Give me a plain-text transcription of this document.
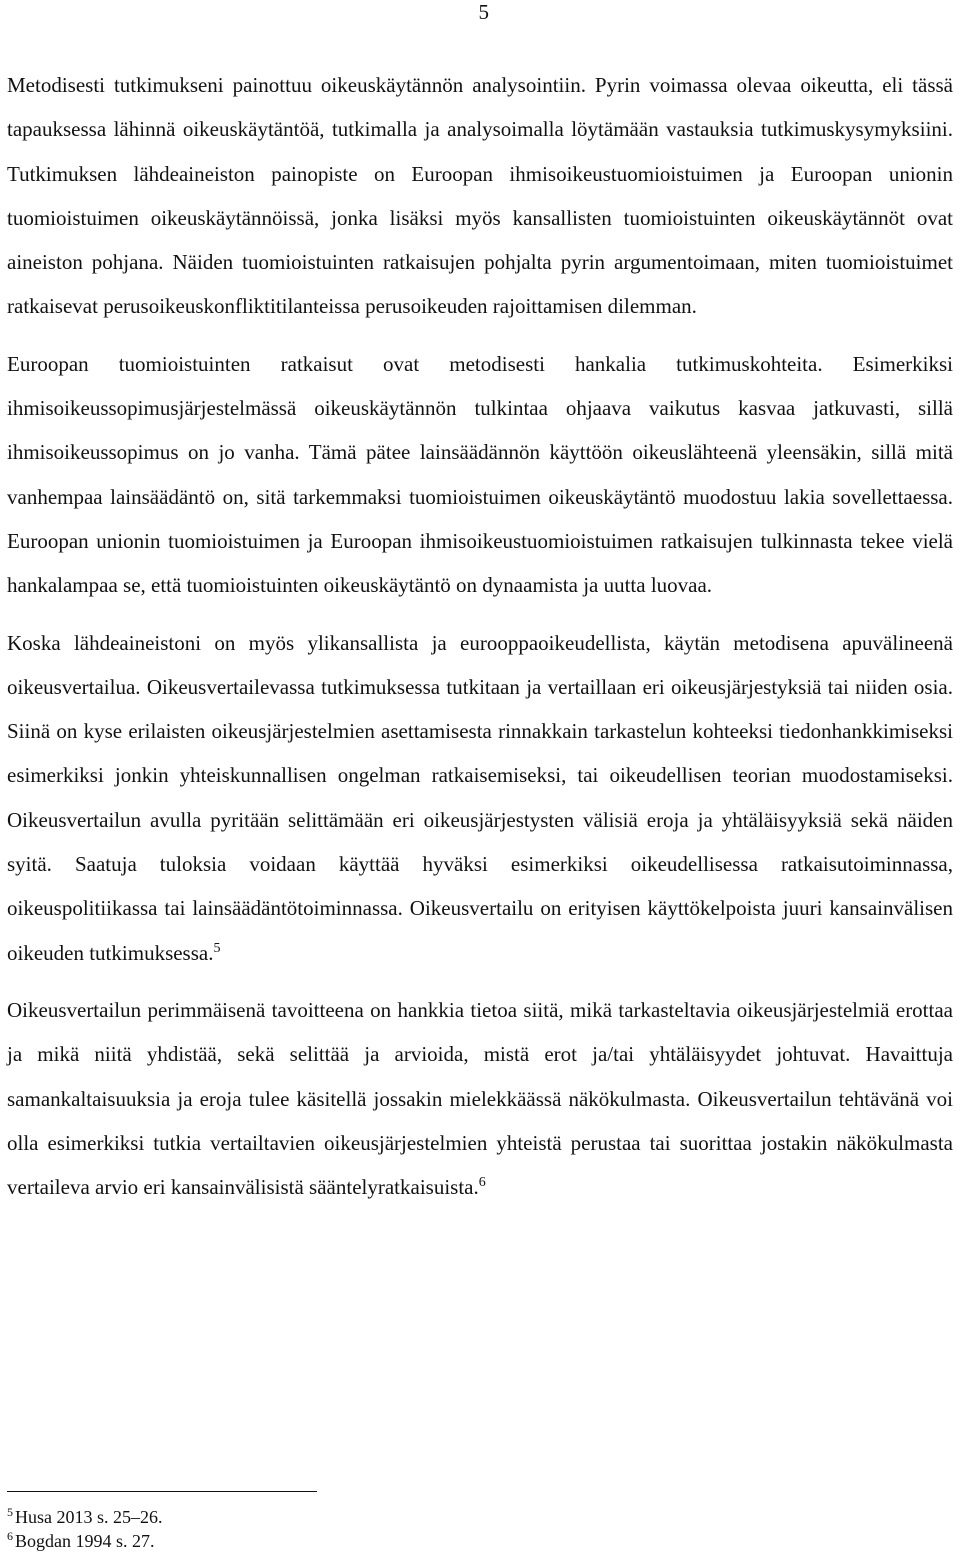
5

Metodisesti tutkimukseni painottuu oikeuskäytännön analysointiin. Pyrin voimassa olevaa oikeutta, eli tässä tapauksessa lähinnä oikeuskäytäntöä, tutkimalla ja analysoimalla löytämään vastauksia tutkimuskysymyksiini. Tutkimuksen lähdeaineiston painopiste on Euroopan ihmisoikeustuomioistuimen ja Euroopan unionin tuomioistuimen oikeuskäytännöissä, jonka lisäksi myös kansallisten tuomioistuinten oikeuskäytännöt ovat aineiston pohjana. Näiden tuomioistuinten ratkaisujen pohjalta pyrin argumentoimaan, miten tuomioistuimet ratkaisevat perusoikeuskonfliktitilanteissa perusoikeuden rajoittamisen dilemman.

Euroopan tuomioistuinten ratkaisut ovat metodisesti hankalia tutkimuskohteita. Esimerkiksi ihmisoikeussopimusjärjestelmässä oikeuskäytännön tulkintaa ohjaava vaikutus kasvaa jatkuvasti, sillä ihmisoikeussopimus on jo vanha. Tämä pätee lainsäädännön käyttöön oikeuslähteenä yleensäkin, sillä mitä vanhempaa lainsäädäntö on, sitä tarkemmaksi tuomioistuimen oikeuskäytäntö muodostuu lakia sovellettaessa. Euroopan unionin tuomioistuimen ja Euroopan ihmisoikeustuomioistuimen ratkaisujen tulkinnasta tekee vielä hankalampaa se, että tuomioistuinten oikeuskäytäntö on dynaamista ja uutta luovaa.

Koska lähdeaineistoni on myös ylikansallista ja eurooppaoikeudellista, käytän metodisena apuvälineenä oikeusvertailua. Oikeusvertailevassa tutkimuksessa tutkitaan ja vertaillaan eri oikeusjärjestyksiä tai niiden osia. Siinä on kyse erilaisten oikeusjärjestelmien asettamisesta rinnakkain tarkastelun kohteeksi tiedonhankkimiseksi esimerkiksi jonkin yhteiskunnallisen ongelman ratkaisemiseksi, tai oikeudellisen teorian muodostamiseksi. Oikeusvertailun avulla pyritään selittämään eri oikeusjärjestysten välisiä eroja ja yhtäläisyyksiä sekä näiden syitä. Saatuja tuloksia voidaan käyttää hyväksi esimerkiksi oikeudellisessa ratkaisutoiminnassa, oikeuspolitiikassa tai lainsäädäntötoiminnassa. Oikeusvertailu on erityisen käyttökelpoista juuri kansainvälisen oikeuden tutkimuksessa.$^5$

Oikeusvertailun perimmäisenä tavoitteena on hankkia tietoa siitä, mikä tarkasteltavia oikeusjärjestelmiä erottaa ja mikä niitä yhdistää, sekä selittää ja arvioida, mistä erot ja/tai yhtäläisyydet johtuvat. Havaittuja samankaltaisuuksia ja eroja tulee käsitellä jossakin mielekkäässä näkökulmasta. Oikeusvertailun tehtävänä voi olla esimerkiksi tutkia vertailtavien oikeusjärjestelmien yhteistä perustaa tai suorittaa jostakin näkökulmasta vertaileva arvio eri kansainvälisistä sääntelyratkaisuista.$^6$

$^5$ Husa 2013 s. 25–26.

$^6$ Bogdan 1994 s. 27.
